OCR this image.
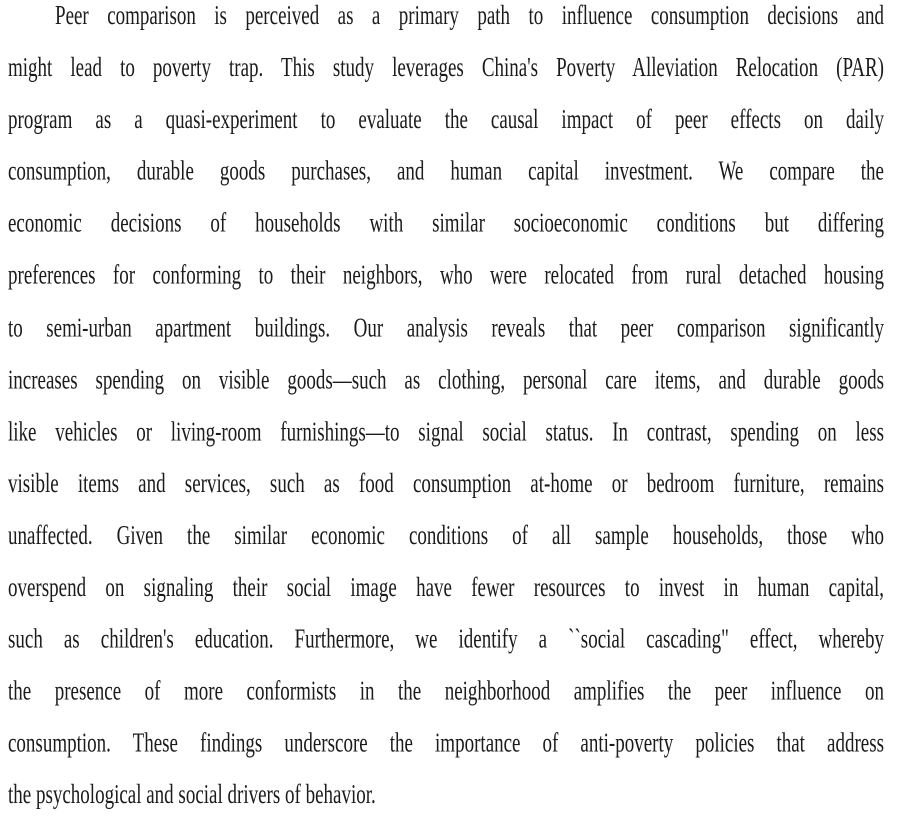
Peer comparison is perceived as a primary path to influence consumption decisions and
might lead to poverty trap. This study leverages China's Poverty Alleviation Relocation (PAR)
program as a quasi-experiment to evaluate the causal impact of peer effects on daily
consumption, durable goods purchases, and human capital investment. We compare the
economic decisions of households with similar socioeconomic conditions but differing
preferences for conforming to their neighbors, who were relocated from rural detached housing
to semi-urban apartment buildings. Our analysis reveals that peer comparison significantly
increases spending on visible goods—such as clothing, personal care items, and durable goods
like vehicles or living-room furnishings—to signal social status. In contrast, spending on less
visible items and services, such as food consumption at-home or bedroom furniture, remains
unaffected. Given the similar economic conditions of all sample households, those who
overspend on signaling their social image have fewer resources to invest in human capital,
such as children's education. Furthermore, we identify a ``social cascading" effect, whereby
the presence of more conformists in the neighborhood amplifies the peer influence on
consumption. These findings underscore the importance of anti-poverty policies that address
the psychological and social drivers of behavior.
